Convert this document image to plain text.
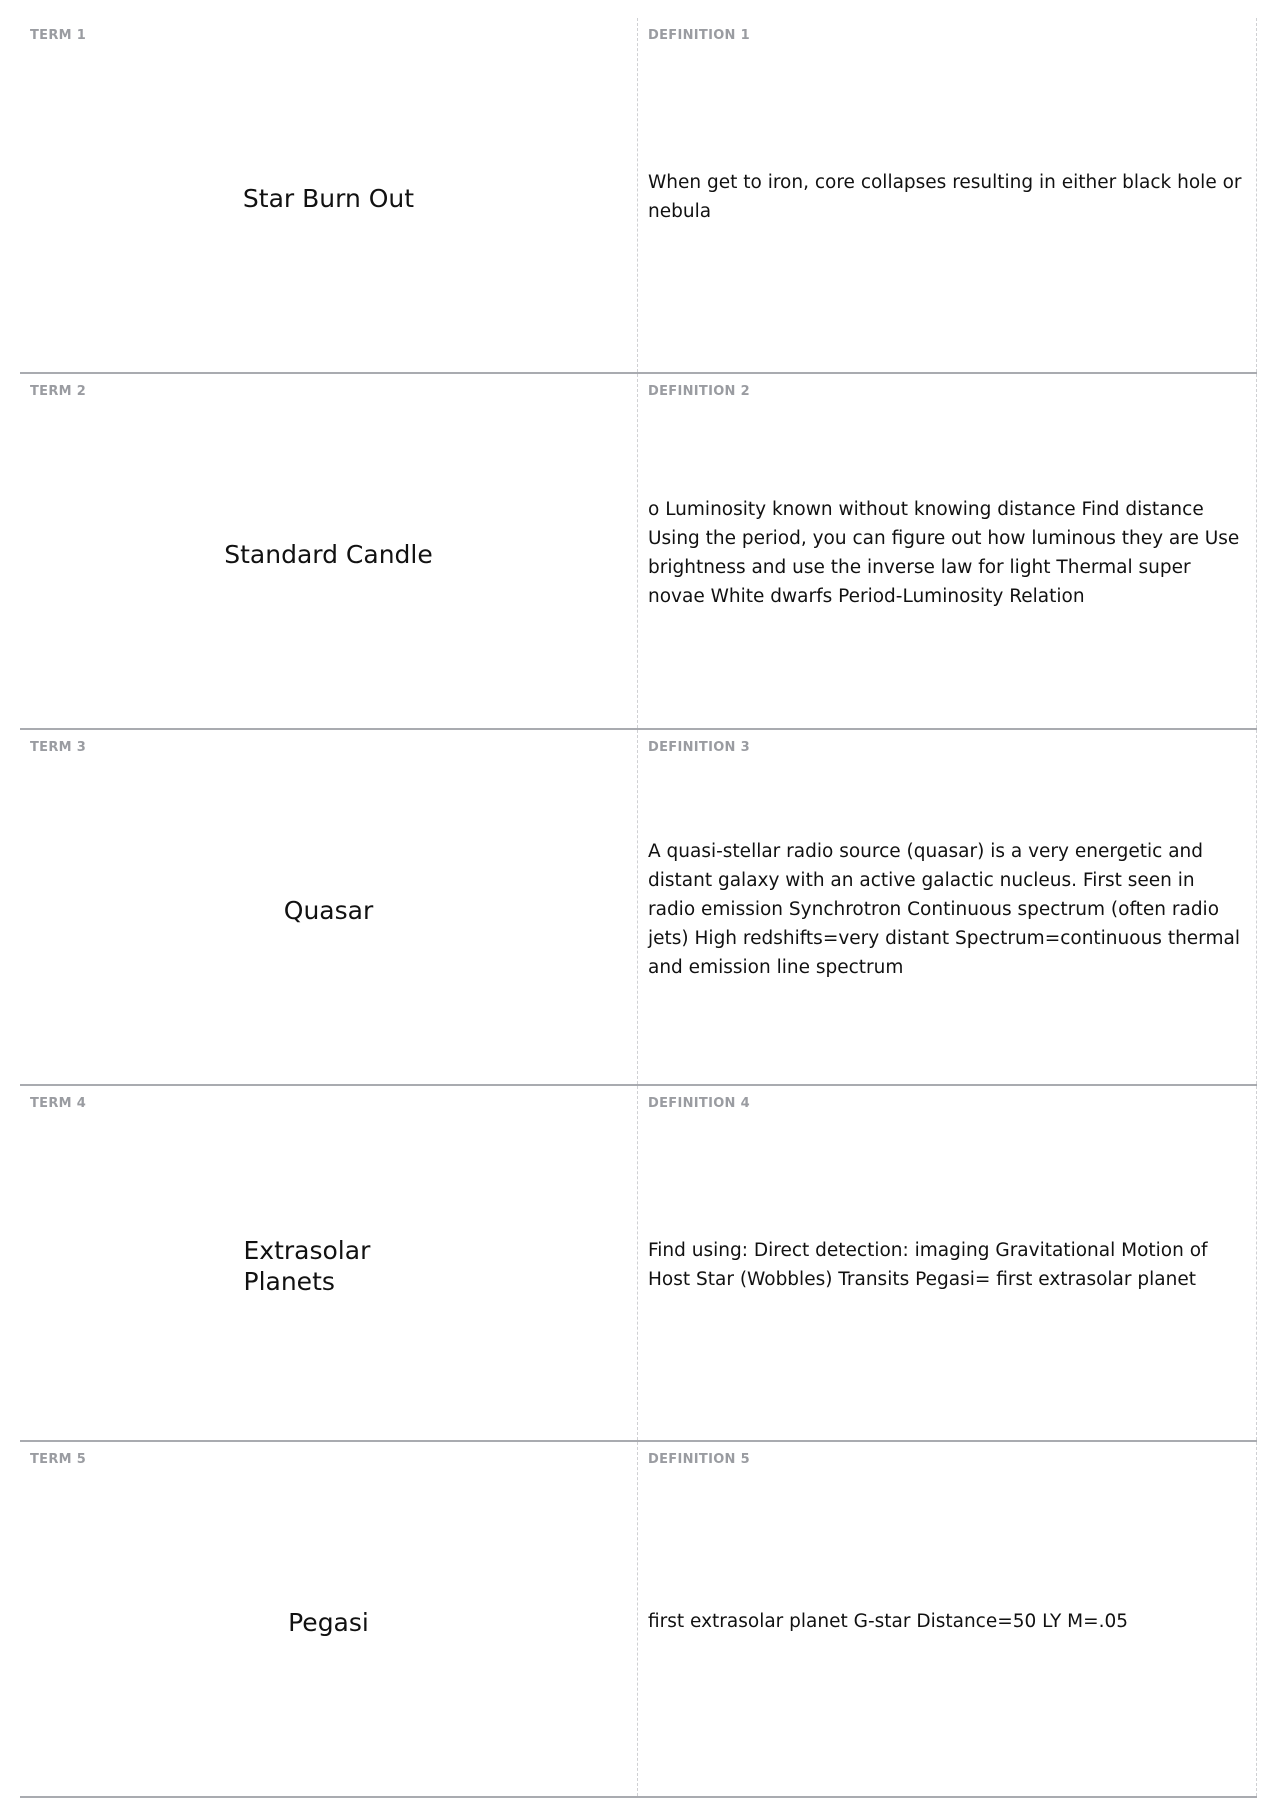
TERM 1
Star Burn Out
DEFINITION 1
When get to iron, core collapses resulting in either black hole or nebula
TERM 2
Standard Candle
DEFINITION 2
o Luminosity known without knowing distance Find distance Using the period, you can figure out how luminous they are Use brightness and use the inverse law for light Thermal super novae White dwarfs Period-Luminosity Relation
TERM 3
Quasar
DEFINITION 3
A quasi-stellar radio source (quasar) is a very energetic and distant galaxy with an active galactic nucleus. First seen in radio emission Synchrotron Continuous spectrum (often radio jets) High redshifts=very distant Spectrum=continuous thermal and emission line spectrum
TERM 4
Extrasolar Planets
DEFINITION 4
Find using: Direct detection: imaging Gravitational Motion of Host Star (Wobbles) Transits Pegasi= first extrasolar planet
TERM 5
Pegasi
DEFINITION 5
first extrasolar planet G-star Distance=50 LY M=.05
